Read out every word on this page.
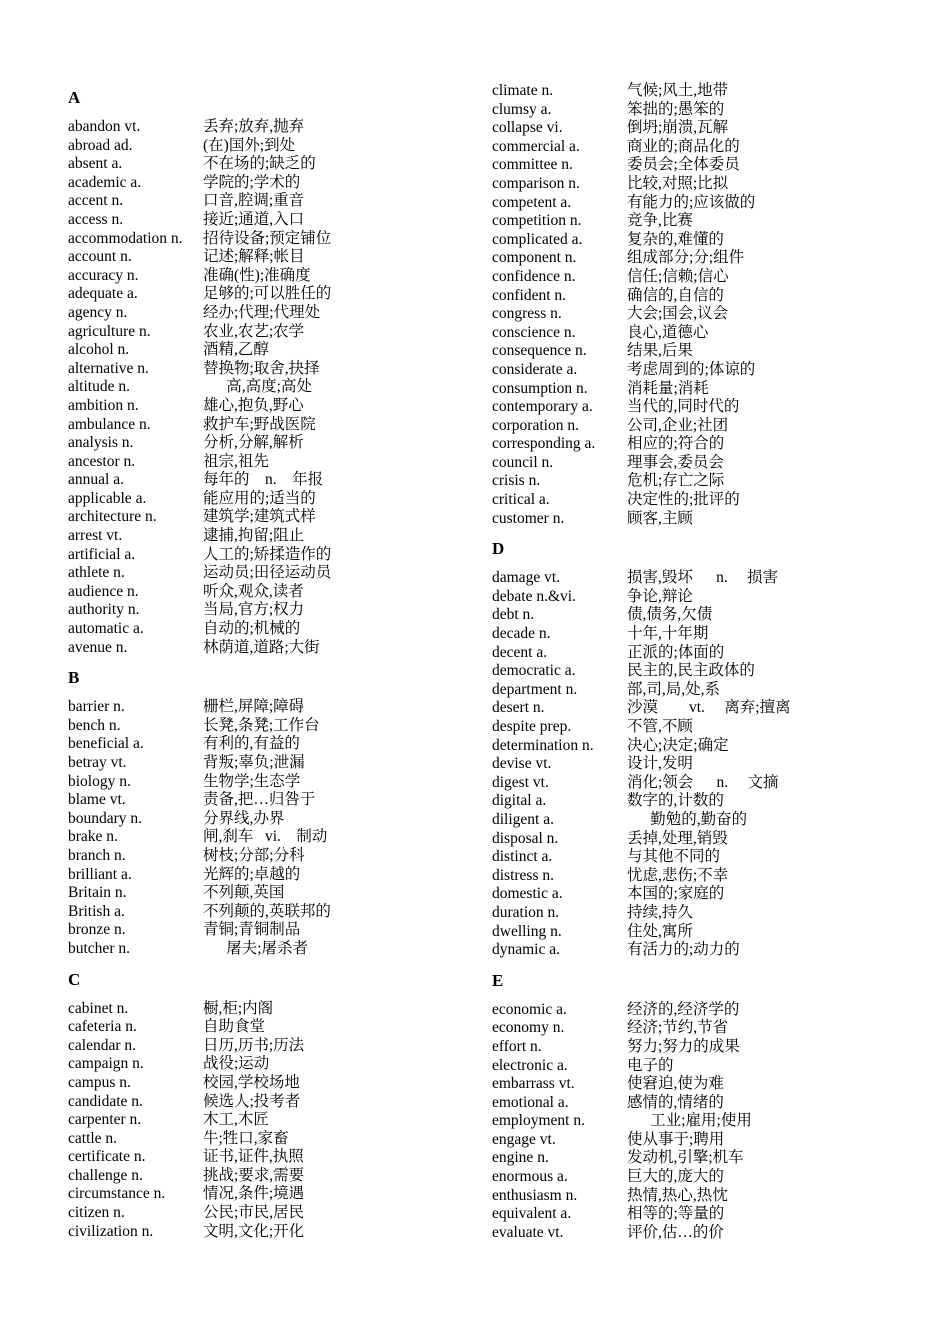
A
abandon vt.	丢弃;放弃,抛弃
abroad ad.	(在)国外;到处
absent a.	不在场的;缺乏的
academic a.	学院的;学术的
accent n.	口音,腔调;重音
access n.	接近;通道,入口
accommodation n.	招待设备;预定铺位
account n.	记述;解释;帐目
accuracy n.	准确(性);准确度
adequate a.	足够的;可以胜任的
agency n.	经办;代理;代理处
agriculture n.	农业,农艺;农学
alcohol n.	酒精,乙醇
alternative n.	替换物;取舍,抉择
altitude n.	高,高度;高处
ambition n.	雄心,抱负,野心
ambulance n.	救护车;野战医院
analysis n.	分析,分解,解析
ancestor n.	祖宗,祖先
annual a.	每年的    n.    年报
applicable a.	能应用的;适当的
architecture n.	建筑学;建筑式样
arrest vt.	逮捕,拘留;阻止
artificial a.	人工的;矫揉造作的
athlete n.	运动员;田径运动员
audience n.	听众,观众,读者
authority n.	当局,官方;权力
automatic a.	自动的;机械的
avenue n.	林荫道,道路;大街
B
barrier n.	栅栏,屏障;障碍
bench n.	长凳,条凳;工作台
beneficial a.	有利的,有益的
betray vt.	背叛;辜负;泄漏
biology n.	生物学;生态学
blame vt.	责备,把…归咎于
boundary n.	分界线,办界
brake n.	闸,刹车   vi.    制动
branch n.	树枝;分部;分科
brilliant a.	光辉的;卓越的
Britain n.	不列颠,英国
British a.	不列颠的,英联邦的
bronze n.	青铜;青铜制品
butcher n.	屠夫;屠杀者
C
cabinet n.	橱,柜;内阁
cafeteria n.	自助食堂
calendar n.	日历,历书;历法
campaign n.	战役;运动
campus n.	校园,学校场地
candidate n.	候选人;投考者
carpenter n.	木工,木匠
cattle n.	牛;牲口,家畜
certificate n.	证书,证件,执照
challenge n.	挑战;要求,需要
circumstance n.	情况,条件;境遇
citizen n.	公民;市民,居民
civilization n.	文明,文化;开化
climate n.	气候;风土,地带
clumsy a.	笨拙的;愚笨的
collapse vi.	倒坍;崩溃,瓦解
commercial a.	商业的;商品化的
committee n.	委员会;全体委员
comparison n.	比较,对照;比拟
competent a.	有能力的;应该做的
competition n.	竞争,比赛
complicated a.	复杂的,难懂的
component n.	组成部分;分;组件
confidence n.	信任;信赖;信心
confident n.	确信的,自信的
congress n.	大会;国会,议会
conscience n.	良心,道德心
consequence n.	结果,后果
considerate a.	考虑周到的;体谅的
consumption n.	消耗量;消耗
contemporary a.	当代的,同时代的
corporation n.	公司,企业;社团
corresponding a.	相应的;符合的
council n.	理事会,委员会
crisis n.	危机;存亡之际
critical a.	决定性的;批评的
customer n.	顾客,主顾
D
damage vt.	损害,毁坏      n.     损害
debate n.&vi.	争论,辩论
debt n.	债,债务,欠债
decade n.	十年,十年期
decent a.	正派的;体面的
democratic a.	民主的,民主政体的
department n.	部,司,局,处,系
desert n.	沙漠        vt.     离弃;擅离
despite prep.	不管,不顾
determination n.	决心;决定;确定
devise vt.	设计,发明
digest vt.	消化;领会      n.     文摘
digital a.	数字的,计数的
diligent a.	勤勉的,勤奋的
disposal n.	丢掉,处理,销毁
distinct a.	与其他不同的
distress n.	忧虑,悲伤;不幸
domestic a.	本国的;家庭的
duration n.	持续,持久
dwelling n.	住处,寓所
dynamic a.	有活力的;动力的
E
economic a.	经济的,经济学的
economy n.	经济;节约,节省
effort n.	努力;努力的成果
electronic a.	电子的
embarrass vt.	使窘迫,使为难
emotional a.	感情的,情绪的
employment n.	工业;雇用;使用
engage vt.	使从事于;聘用
engine n.	发动机,引擎;机车
enormous a.	巨大的,庞大的
enthusiasm n.	热情,热心,热忱
equivalent a.	相等的;等量的
evaluate vt.	评价,估…的价
